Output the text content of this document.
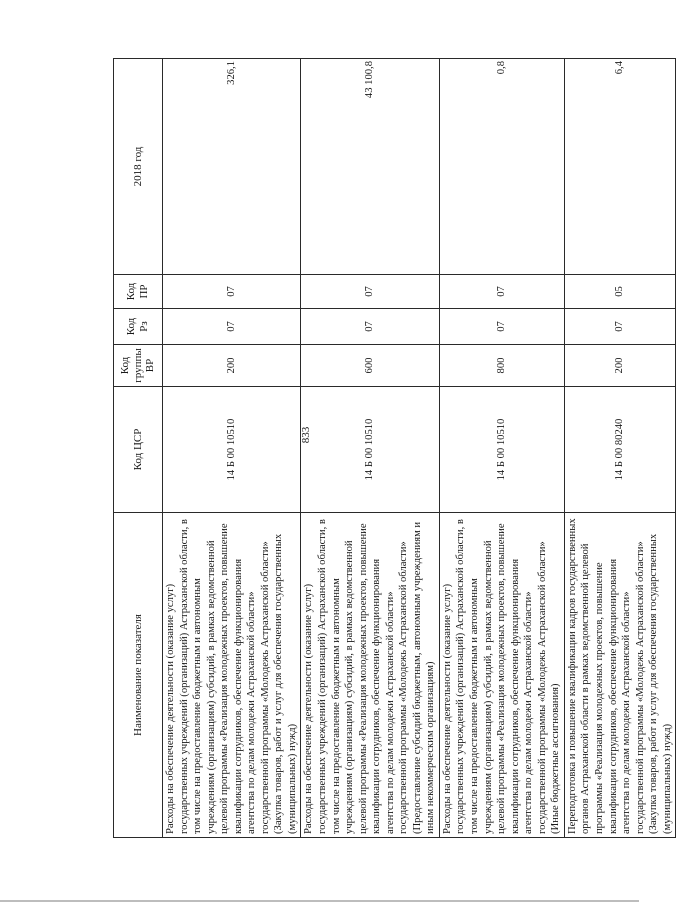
833
Наименование показателя	Код ЦСР	Код группы ВР	Код Рз	Код ПР	2018 год
Расходы на обеспечение деятельности (оказание услуг) государственных учреждений (организаций) Астраханской области, в том числе на предоставление бюджетным и автономным учреждениям (организациям) субсидий, в рамках ведомственной целевой программы «Реализация молодежных проектов, повышение квалификации сотрудников, обеспечение функционирования агентства по делам молодежи Астраханской области» государственной программы «Молодежь Астраханской области» (Закупка товаров, работ и услуг для обеспечения государственных (муниципальных) нужд)	14 Б 00 10510	200	07	07	326,1
Расходы на обеспечение деятельности (оказание услуг) государственных учреждений (организаций) Астраханской области, в том числе на предоставление бюджетным и автономным учреждениям (организациям) субсидий, в рамках ведомственной целевой программы «Реализация молодежных проектов, повышение квалификации сотрудников, обеспечение функционирования агентства по делам молодежи Астраханской области» государственной программы «Молодежь Астраханской области» (Предоставление субсидий бюджетным, автономным учреждениям и иным некоммерческим организациям)	14 Б 00 10510	600	07	07	43 100,8
Расходы на обеспечение деятельности (оказание услуг) государственных учреждений (организаций) Астраханской области, в том числе на предоставление бюджетным и автономным учреждениям (организациям) субсидий, в рамках ведомственной целевой программы «Реализация молодежных проектов, повышение квалификации сотрудников, обеспечение функционирования агентства по делам молодежи Астраханской области» государственной программы «Молодежь Астраханской области» (Иные бюджетные ассигнования)	14 Б 00 10510	800	07	07	0,8
Переподготовка и повышение квалификации кадров государственных органов Астраханской области в рамках ведомственной целевой программы «Реализация молодежных проектов, повышение квалификации сотрудников, обеспечение функционирования агентства по делам молодежи Астраханской области» государственной программы «Молодежь Астраханской области» (Закупка товаров, работ и услуг для обеспечения государственных (муниципальных) нужд)	14 Б 00 80240	200	07	05	6,4
